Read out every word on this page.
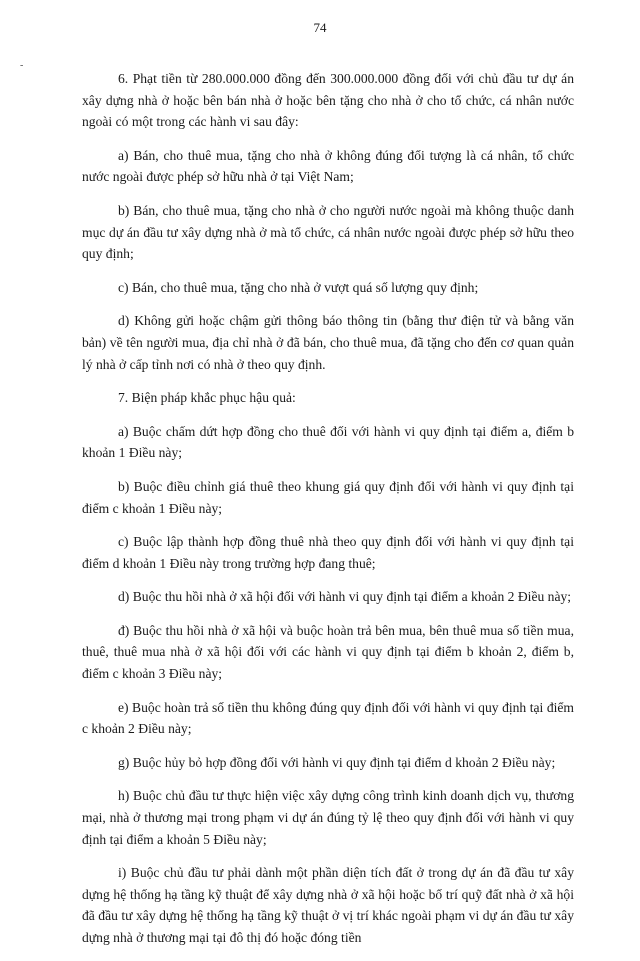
74
-

6. Phạt tiền từ 280.000.000 đồng đến 300.000.000 đồng đối với chủ đầu tư dự án xây dựng nhà ở hoặc bên bán nhà ở hoặc bên tặng cho nhà ở cho tổ chức, cá nhân nước ngoài có một trong các hành vi sau đây:

a) Bán, cho thuê mua, tặng cho nhà ở không đúng đối tượng là cá nhân, tổ chức nước ngoài được phép sở hữu nhà ở tại Việt Nam;

b) Bán, cho thuê mua, tặng cho nhà ở cho người nước ngoài mà không thuộc danh mục dự án đầu tư xây dựng nhà ở mà tổ chức, cá nhân nước ngoài được phép sở hữu theo quy định;

c) Bán, cho thuê mua, tặng cho nhà ở vượt quá số lượng quy định;

d) Không gửi hoặc chậm gửi thông báo thông tin (bằng thư điện tử và bằng văn bản) về tên người mua, địa chỉ nhà ở đã bán, cho thuê mua, đã tặng cho đến cơ quan quản lý nhà ở cấp tỉnh nơi có nhà ở theo quy định.

7. Biện pháp khắc phục hậu quả:

a) Buộc chấm dứt hợp đồng cho thuê đối với hành vi quy định tại điểm a, điểm b khoản 1 Điều này;

b) Buộc điều chỉnh giá thuê theo khung giá quy định đối với hành vi quy định tại điểm c khoản 1 Điều này;

c) Buộc lập thành hợp đồng thuê nhà theo quy định đối với hành vi quy định tại điểm d khoản 1 Điều này trong trường hợp đang thuê;

d) Buộc thu hồi nhà ở xã hội đối với hành vi quy định tại điểm a khoản 2 Điều này;

đ) Buộc thu hồi nhà ở xã hội và buộc hoàn trả bên mua, bên thuê mua số tiền mua, thuê, thuê mua nhà ở xã hội đối với các hành vi quy định tại điểm b khoản 2, điểm b, điểm c khoản 3 Điều này;

e) Buộc hoàn trả số tiền thu không đúng quy định đối với hành vi quy định tại điểm c khoản 2 Điều này;

g) Buộc hủy bỏ hợp đồng đối với hành vi quy định tại điểm d khoản 2 Điều này;

h) Buộc chủ đầu tư thực hiện việc xây dựng công trình kinh doanh dịch vụ, thương mại, nhà ở thương mại trong phạm vi dự án đúng tỷ lệ theo quy định đối với hành vi quy định tại điểm a khoản 5 Điều này;

i) Buộc chủ đầu tư phải dành một phần diện tích đất ở trong dự án đã đầu tư xây dựng hệ thống hạ tầng kỹ thuật để xây dựng nhà ở xã hội hoặc bố trí quỹ đất nhà ở xã hội đã đầu tư xây dựng hệ thống hạ tầng kỹ thuật ở vị trí khác ngoài phạm vi dự án đầu tư xây dựng nhà ở thương mại tại đô thị đó hoặc đóng tiền
